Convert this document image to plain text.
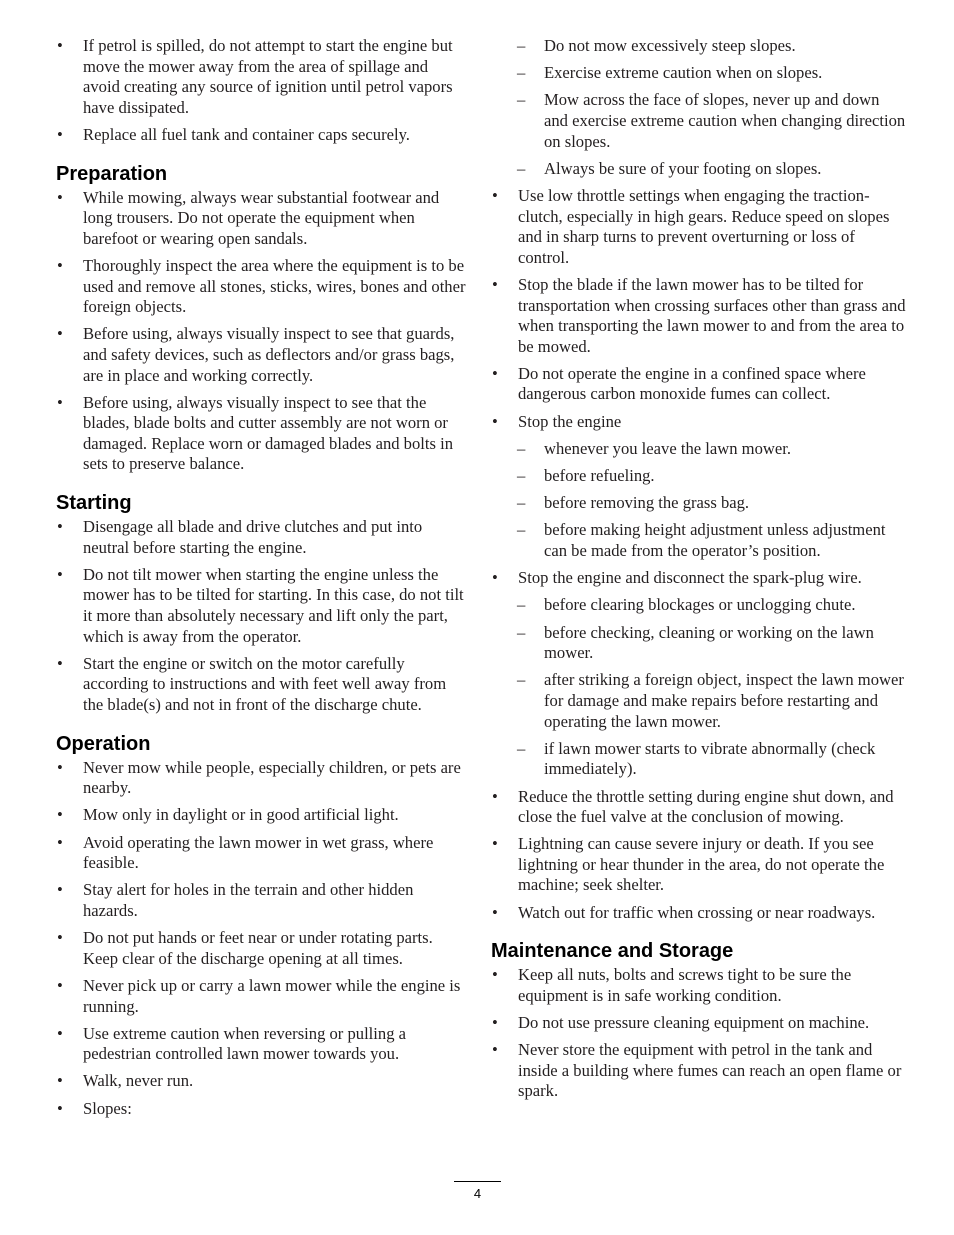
• If petrol is spilled, do not attempt to start the engine but move the mower away from the area of spillage and avoid creating any source of ignition until petrol vapors have dissipated.
• Replace all fuel tank and container caps securely.
Preparation
• While mowing, always wear substantial footwear and long trousers. Do not operate the equipment when barefoot or wearing open sandals.
• Thoroughly inspect the area where the equipment is to be used and remove all stones, sticks, wires, bones and other foreign objects.
• Before using, always visually inspect to see that guards, and safety devices, such as deflectors and/or grass bags, are in place and working correctly.
• Before using, always visually inspect to see that the blades, blade bolts and cutter assembly are not worn or damaged. Replace worn or damaged blades and bolts in sets to preserve balance.
Starting
• Disengage all blade and drive clutches and put into neutral before starting the engine.
• Do not tilt mower when starting the engine unless the mower has to be tilted for starting. In this case, do not tilt it more than absolutely necessary and lift only the part, which is away from the operator.
• Start the engine or switch on the motor carefully according to instructions and with feet well away from the blade(s) and not in front of the discharge chute.
Operation
• Never mow while people, especially children, or pets are nearby.
• Mow only in daylight or in good artificial light.
• Avoid operating the lawn mower in wet grass, where feasible.
• Stay alert for holes in the terrain and other hidden hazards.
• Do not put hands or feet near or under rotating parts. Keep clear of the discharge opening at all times.
• Never pick up or carry a lawn mower while the engine is running.
• Use extreme caution when reversing or pulling a pedestrian controlled lawn mower towards you.
• Walk, never run.
• Slopes:
– Do not mow excessively steep slopes.
– Exercise extreme caution when on slopes.
– Mow across the face of slopes, never up and down and exercise extreme caution when changing direction on slopes.
– Always be sure of your footing on slopes.
• Use low throttle settings when engaging the traction-clutch, especially in high gears. Reduce speed on slopes and in sharp turns to prevent overturning or loss of control.
• Stop the blade if the lawn mower has to be tilted for transportation when crossing surfaces other than grass and when transporting the lawn mower to and from the area to be mowed.
• Do not operate the engine in a confined space where dangerous carbon monoxide fumes can collect.
• Stop the engine
– whenever you leave the lawn mower.
– before refueling.
– before removing the grass bag.
– before making height adjustment unless adjustment can be made from the operator’s position.
• Stop the engine and disconnect the spark-plug wire.
– before clearing blockages or unclogging chute.
– before checking, cleaning or working on the lawn mower.
– after striking a foreign object, inspect the lawn mower for damage and make repairs before restarting and operating the lawn mower.
– if lawn mower starts to vibrate abnormally (check immediately).
• Reduce the throttle setting during engine shut down, and close the fuel valve at the conclusion of mowing.
• Lightning can cause severe injury or death. If you see lightning or hear thunder in the area, do not operate the machine; seek shelter.
• Watch out for traffic when crossing or near roadways.
Maintenance and Storage
• Keep all nuts, bolts and screws tight to be sure the equipment is in safe working condition.
• Do not use pressure cleaning equipment on machine.
• Never store the equipment with petrol in the tank and inside a building where fumes can reach an open flame or spark.
4
